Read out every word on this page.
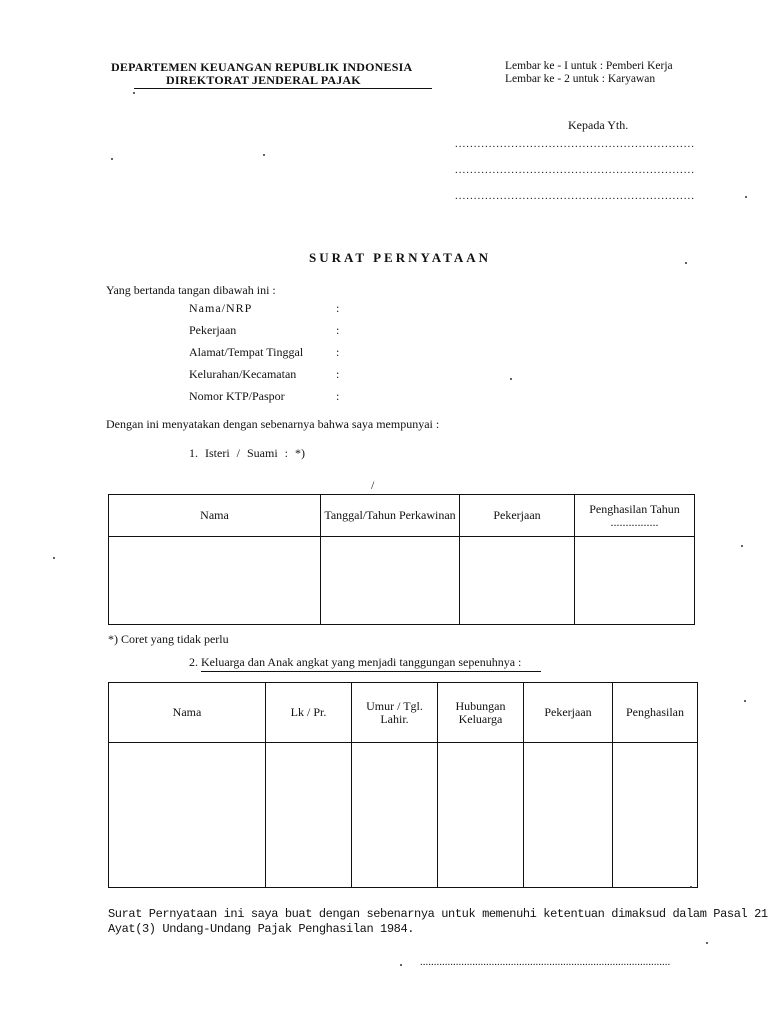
DEPARTEMEN KEUANGAN REPUBLIK INDONESIA
DIREKTORAT JENDERAL PAJAK
Lembar ke - I untuk : Pemberi Kerja
Lembar ke - 2 untuk : Karyawan
Kepada Yth.
................................................................
................................................................
................................................................
SURAT PERNYATAAN
Yang bertanda tangan dibawah ini :
Nama/NRP	:
Pekerjaan	:
Alamat/Tempat Tinggal	:
Kelurahan/Kecamatan	:
Nomor KTP/Paspor	:
Dengan ini menyatakan dengan sebenarnya bahwa saya mempunyai :
1. Isteri / Suami : *)
/
Nama	Tanggal/Tahun Perkawinan	Pekerjaan	Penghasilan Tahun ................

*) Coret yang tidak perlu
2. Keluarga dan Anak angkat yang menjadi tanggungan sepenuhnya :
Nama	Lk / Pr.	Umur / Tgl. Lahir.	Hubungan Keluarga	Pekerjaan	Penghasilan

Surat Pernyataan ini saya buat dengan sebenarnya untuk memenuhi ketentuan dimaksud dalam Pasal 21
Ayat(3) Undang-Undang Pajak Penghasilan 1984.
...........................................................................................
